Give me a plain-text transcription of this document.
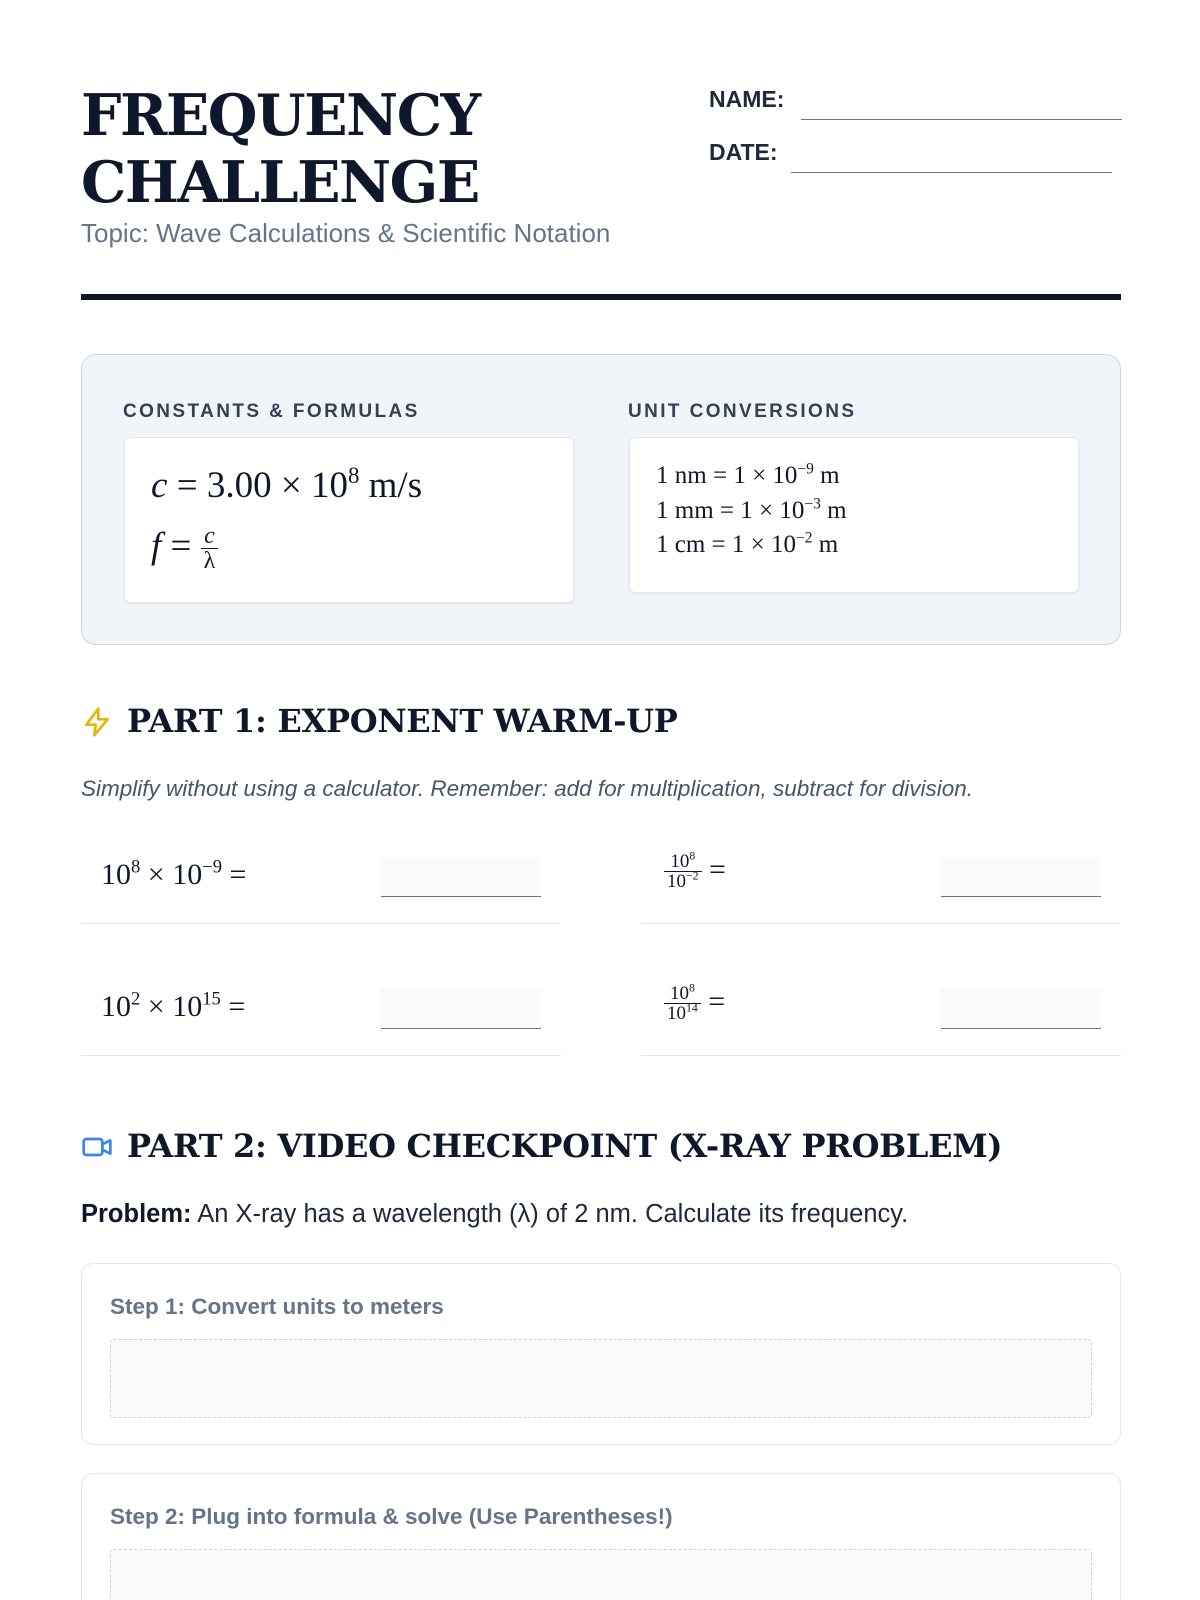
FREQUENCY
CHALLENGE
Topic: Wave Calculations & Scientific Notation
NAME:
DATE:
CONSTANTS & FORMULAS
$c = 3.00 \times 10^8$ m/s
$f = \frac{c}{\lambda}$
UNIT CONVERSIONS
1 nm = $1 \times 10^{-9}$ m
1 mm = $1 \times 10^{-3}$ m
1 cm = $1 \times 10^{-2}$ m
PART 1: EXPONENT WARM-UP
Simplify without using a calculator. Remember: add for multiplication, subtract for division.
$10^8 \times 10^{-9}$ =	$\frac{10^8}{10^{-2}}$ =
$10^2 \times 10^{15}$ =	$\frac{10^8}{10^{14}}$ =
PART 2: VIDEO CHECKPOINT (X-RAY PROBLEM)
Problem: An X-ray has a wavelength (λ) of 2 nm. Calculate its frequency.
Step 1: Convert units to meters
Step 2: Plug into formula & solve (Use Parentheses!)
